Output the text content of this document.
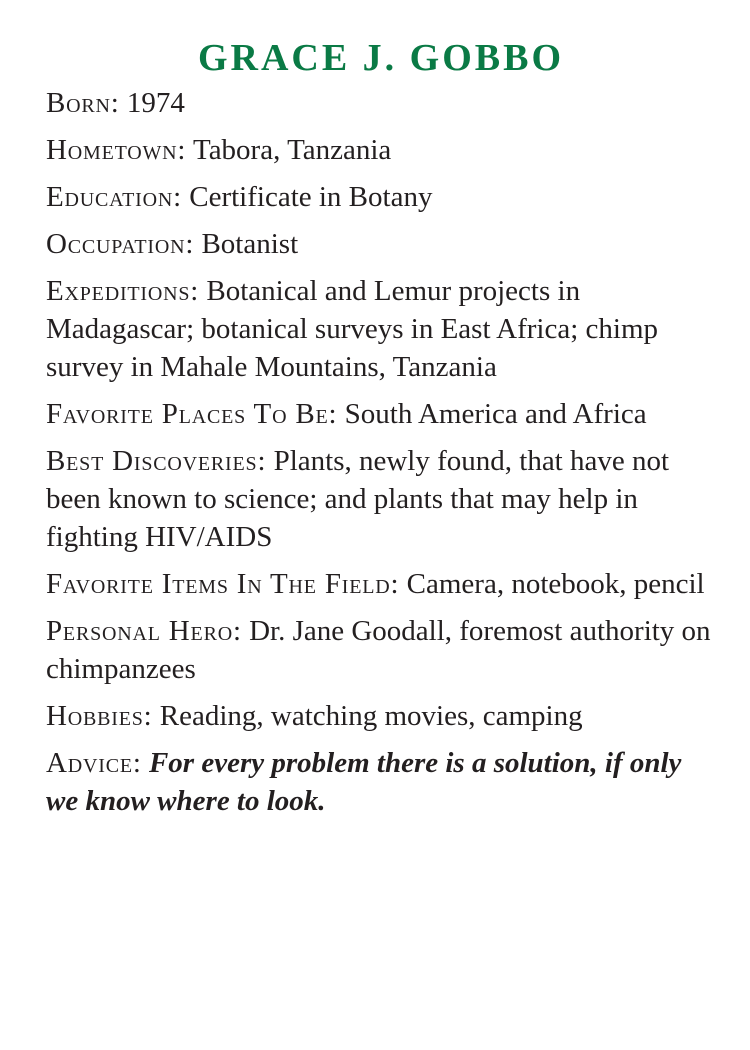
GRACE J. GOBBO

Born: 1974

Hometown: Tabora, Tanzania

Education: Certificate in Botany

Occupation: Botanist

Expeditions: Botanical and Lemur projects in Madagascar; botanical surveys in East Africa; chimp survey in Mahale Mountains, Tanzania

Favorite Places To Be: South America and Africa

Best Discoveries: Plants, newly found, that have not been known to science; and plants that may help in fighting HIV/AIDS

Favorite Items In The Field: Camera, notebook, pencil

Personal Hero: Dr. Jane Goodall, foremost authority on chimpanzees

Hobbies: Reading, watching movies, camping

Advice: For every problem there is a solution, if only we know where to look.
